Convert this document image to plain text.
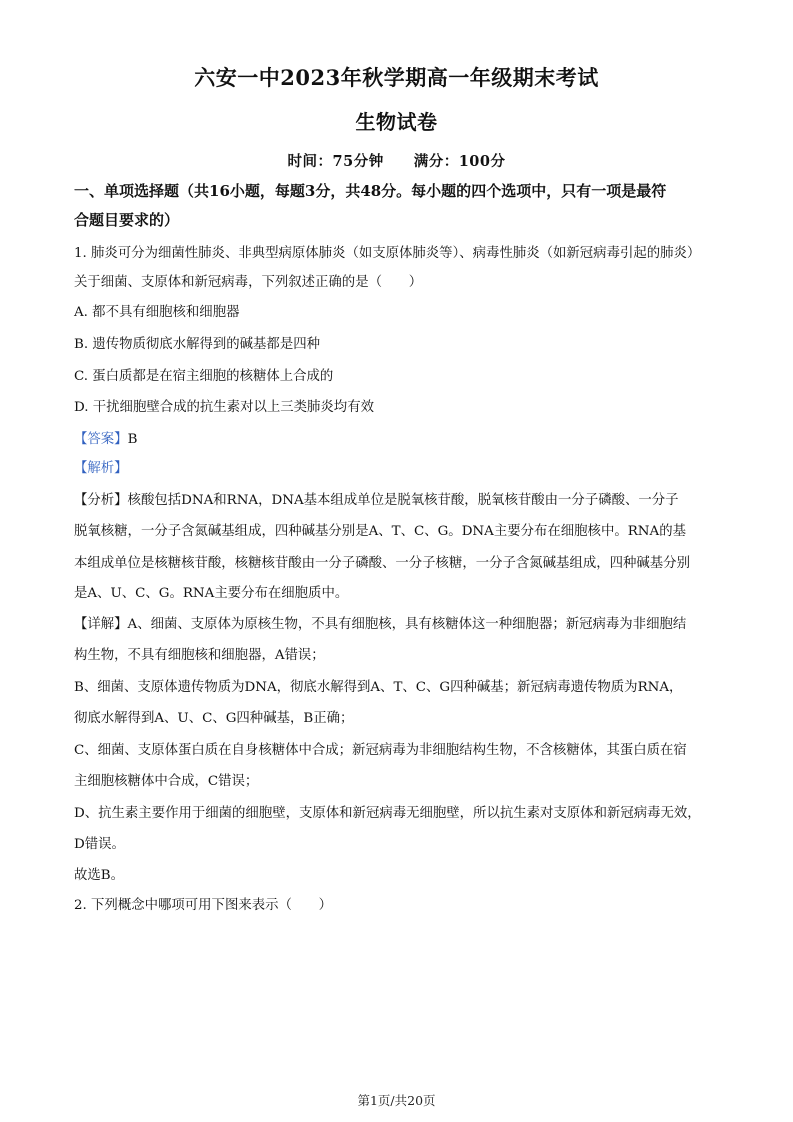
六安一中2023年秋学期高一年级期末考试
生物试卷
时间：75分钟 满分：100分
一、单项选择题（共16小题，每题3分，共48分。每小题的四个选项中，只有一项是最符
合题目要求的）
1. 肺炎可分为细菌性肺炎、非典型病原体肺炎（如支原体肺炎等）、病毒性肺炎（如新冠病毒引起的肺炎）
关于细菌、支原体和新冠病毒，下列叙述正确的是（　　）
A. 都不具有细胞核和细胞器
B. 遗传物质彻底水解得到的碱基都是四种
C. 蛋白质都是在宿主细胞的核糖体上合成的
D. 干扰细胞壁合成的抗生素对以上三类肺炎均有效
【答案】B
【解析】
【分析】核酸包括DNA和RNA，DNA基本组成单位是脱氧核苷酸，脱氧核苷酸由一分子磷酸、一分子
脱氧核糖，一分子含氮碱基组成，四种碱基分别是A、T、C、G。DNA主要分布在细胞核中。RNA的基
本组成单位是核糖核苷酸，核糖核苷酸由一分子磷酸、一分子核糖，一分子含氮碱基组成，四种碱基分别
是A、U、C、G。RNA主要分布在细胞质中。
【详解】A、细菌、支原体为原核生物，不具有细胞核，具有核糖体这一种细胞器；新冠病毒为非细胞结
构生物，不具有细胞核和细胞器，A错误；
B、细菌、支原体遗传物质为DNA，彻底水解得到A、T、C、G四种碱基；新冠病毒遗传物质为RNA，
彻底水解得到A、U、C、G四种碱基，B正确；
C、细菌、支原体蛋白质在自身核糖体中合成；新冠病毒为非细胞结构生物，不含核糖体，其蛋白质在宿
主细胞核糖体中合成，C错误；
D、抗生素主要作用于细菌的细胞壁，支原体和新冠病毒无细胞壁，所以抗生素对支原体和新冠病毒无效，
D错误。
故选B。
2. 下列概念中哪项可用下图来表示（　　）
第1页/共20页
